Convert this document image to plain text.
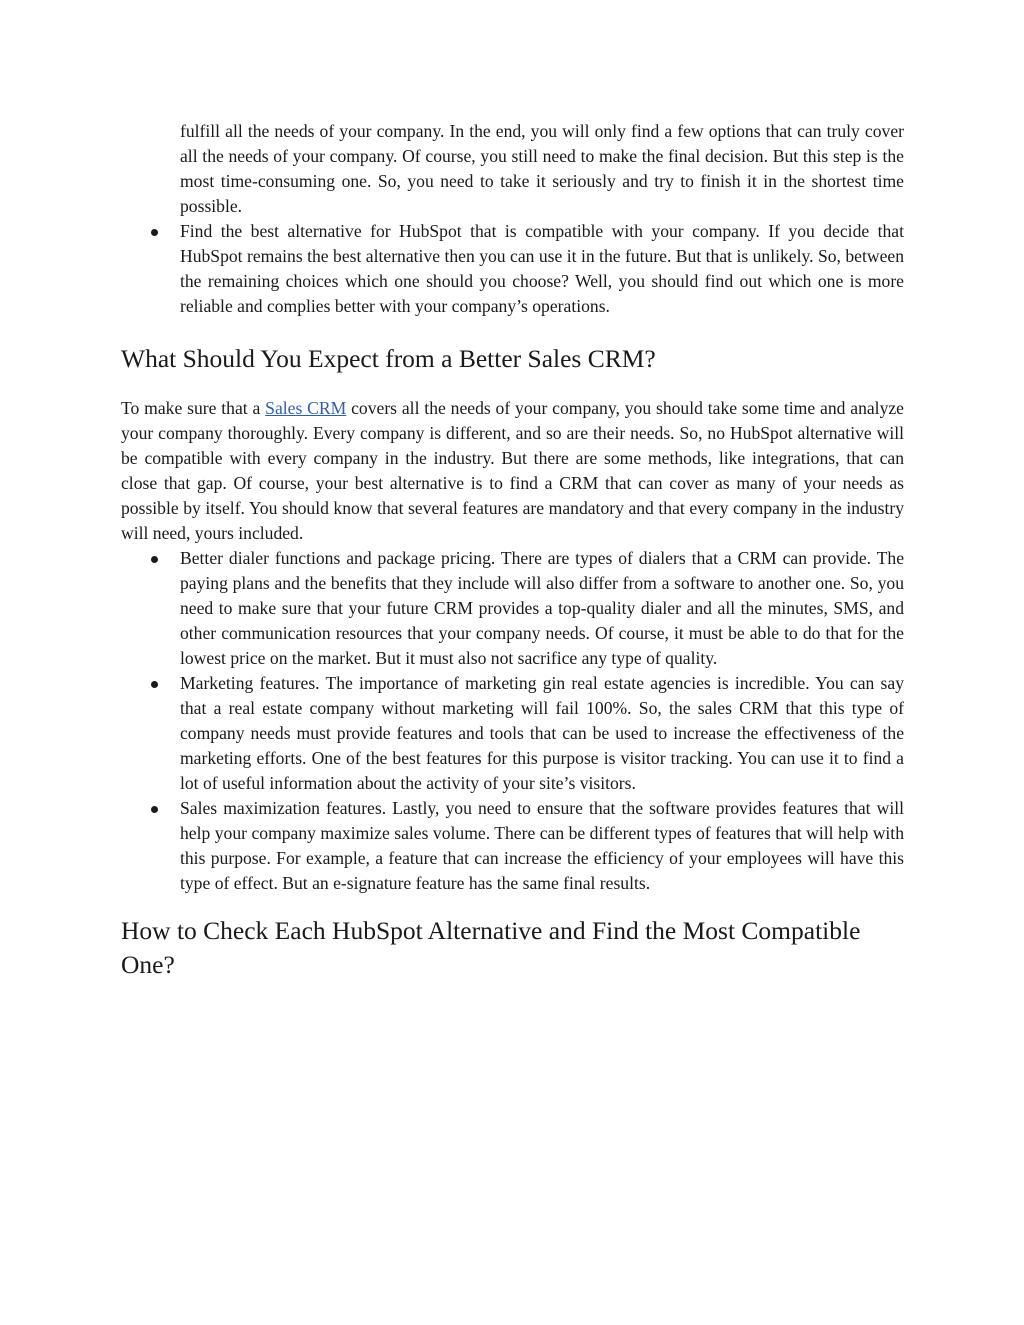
fulfill all the needs of your company. In the end, you will only find a few options that can truly cover all the needs of your company. Of course, you still need to make the final decision. But this step is the most time-consuming one. So, you need to take it seriously and try to finish it in the shortest time possible.

Find the best alternative for HubSpot that is compatible with your company. If you decide that HubSpot remains the best alternative then you can use it in the future. But that is unlikely. So, between the remaining choices which one should you choose? Well, you should find out which one is more reliable and complies better with your company’s operations.
What Should You Expect from a Better Sales CRM?

To make sure that a Sales CRM covers all the needs of your company, you should take some time and analyze your company thoroughly. Every company is different, and so are their needs. So, no HubSpot alternative will be compatible with every company in the industry. But there are some methods, like integrations, that can close that gap. Of course, your best alternative is to find a CRM that can cover as many of your needs as possible by itself. You should know that several features are mandatory and that every company in the industry will need, yours included.

Better dialer functions and package pricing. There are types of dialers that a CRM can provide. The paying plans and the benefits that they include will also differ from a software to another one. So, you need to make sure that your future CRM provides a top-quality dialer and all the minutes, SMS, and other communication resources that your company needs. Of course, it must be able to do that for the lowest price on the market. But it must also not sacrifice any type of quality.
Marketing features. The importance of marketing gin real estate agencies is incredible. You can say that a real estate company without marketing will fail 100%. So, the sales CRM that this type of company needs must provide features and tools that can be used to increase the effectiveness of the marketing efforts. One of the best features for this purpose is visitor tracking. You can use it to find a lot of useful information about the activity of your site’s visitors.
Sales maximization features. Lastly, you need to ensure that the software provides features that will help your company maximize sales volume. There can be different types of features that will help with this purpose. For example, a feature that can increase the efficiency of your employees will have this type of effect. But an e-signature feature has the same final results.
How to Check Each HubSpot Alternative and Find the Most Compatible One?
